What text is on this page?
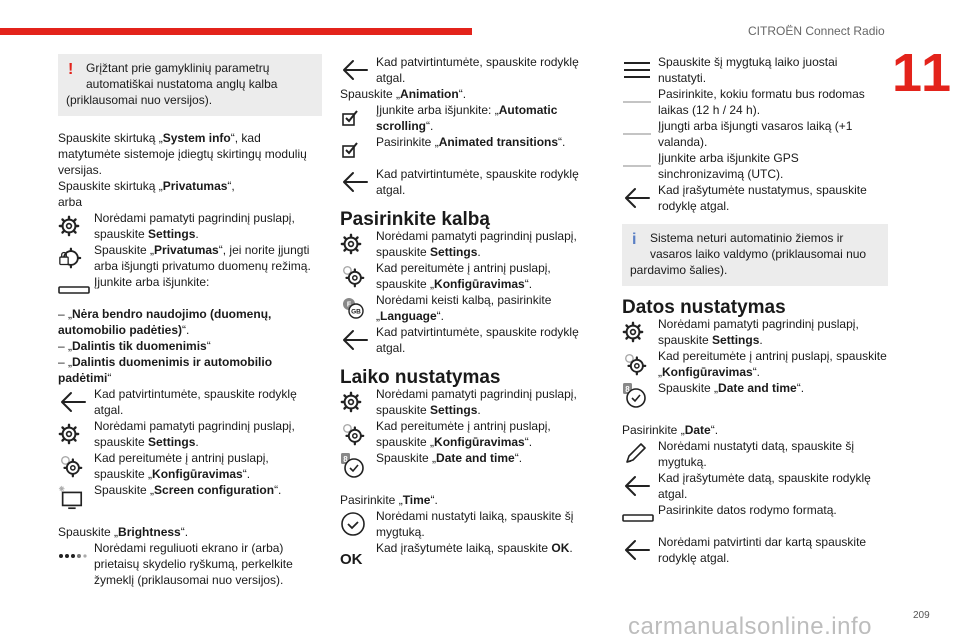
CITROËN Connect Radio
11
!	Grįžtant prie gamyklinių parametrų
automatiškai nustatoma anglų kalba
(priklausomai nuo versijos).

Spauskite skirtuką „System info“, kad matytumėte sistemoje įdiegtų skirtingų modulių versijas.

Spauskite skirtuką „Privatumas“,

arba

Norėdami pamatyti pagrindinį puslapį, spauskite Settings.
Spauskite „Privatumas“, jei norite įjungti arba išjungti privatumo duomenų režimą.
Įjunkite arba išjunkite:

– „Nėra bendro naudojimo (duomenų, automobilio padėties)“.

– „Dalintis tik duomenimis“

– „Dalintis duomenimis ir automobilio padėtimi“

Kad patvirtintumėte, spauskite rodyklę atgal.
Norėdami pamatyti pagrindinį puslapį, spauskite Settings.
Kad pereitumėte į antrinį puslapį, spauskite „Konfigūravimas“.
Spauskite „Screen configuration“.

Spauskite „Brightness“.

Norėdami reguliuoti ekrano ir (arba) prietaisų skydelio ryškumą, perkelkite žymeklį (priklausomai nuo versijos).
Kad patvirtintumėte, spauskite rodyklę atgal.

Spauskite „Animation“.

Įjunkite arba išjunkite: „Automatic scrolling“.
Pasirinkite „Animated transitions“.
Kad patvirtintumėte, spauskite rodyklę atgal.
Pasirinkite kalbą
Norėdami pamatyti pagrindinį puslapį, spauskite Settings.
Kad pereitumėte į antrinį puslapį, spauskite „Konfigūravimas“.
Norėdami keisti kalbą, pasirinkite „Language“.
Kad patvirtintumėte, spauskite rodyklę atgal.
Laiko nustatymas
Norėdami pamatyti pagrindinį puslapį, spauskite Settings.
Kad pereitumėte į antrinį puslapį, spauskite „Konfigūravimas“.
Spauskite „Date and time“.

Pasirinkite „Time“.

Norėdami nustatyti laiką, spauskite šį mygtuką.
OK
Kad įrašytumėte laiką, spauskite OK.
Spauskite šį mygtuką laiko juostai nustatyti.
Pasirinkite, kokiu formatu bus rodomas laikas (12 h / 24 h).
Įjungti arba išjungti vasaros laiką (+1 valanda).
Įjunkite arba išjunkite GPS sinchronizavimą (UTC).
Kad įrašytumėte nustatymus, spauskite rodyklę atgal.
i	Sistema neturi automatinio žiemos ir
vasaros laiko valdymo (priklausomai nuo
pardavimo šalies).
Datos nustatymas
Norėdami pamatyti pagrindinį puslapį, spauskite Settings.
Kad pereitumėte į antrinį puslapį, spauskite „Konfigūravimas“.
Spauskite „Date and time“.

Pasirinkite „Date“.

Norėdami nustatyti datą, spauskite šį mygtuką.
Kad įrašytumėte datą, spauskite rodyklę atgal.
Pasirinkite datos rodymo formatą.
Norėdami patvirtinti dar kartą spauskite rodyklę atgal.
carmanualsonline.info	209
